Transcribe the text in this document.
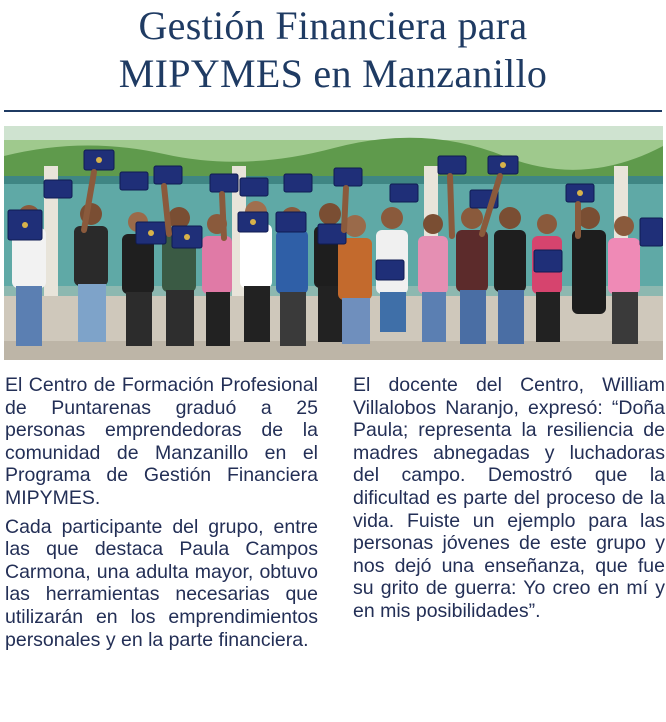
Gestión Financiera para
MIPYMES en Manzanillo

El Centro de Formación Profesional de Puntarenas graduó a 25 personas emprendedoras de la comunidad de Manzanillo en el Programa de Gestión Financiera MIPYMES.

Cada participante del grupo, entre las que destaca Paula Campos Carmona, una adulta mayor, obtuvo las herramientas necesarias que utilizarán en los emprendimientos personales y en la parte financiera.

El docente del Centro, William Villalobos Naranjo, expresó: “Doña Paula; representa la resiliencia de madres abnegadas y luchadoras del campo. Demostró que la dificultad es parte del proceso de la vida. Fuiste un ejemplo para las personas jóvenes de este grupo y nos dejó una enseñanza, que fue su grito de guerra: Yo creo en mí y en mis posibilidades”.
